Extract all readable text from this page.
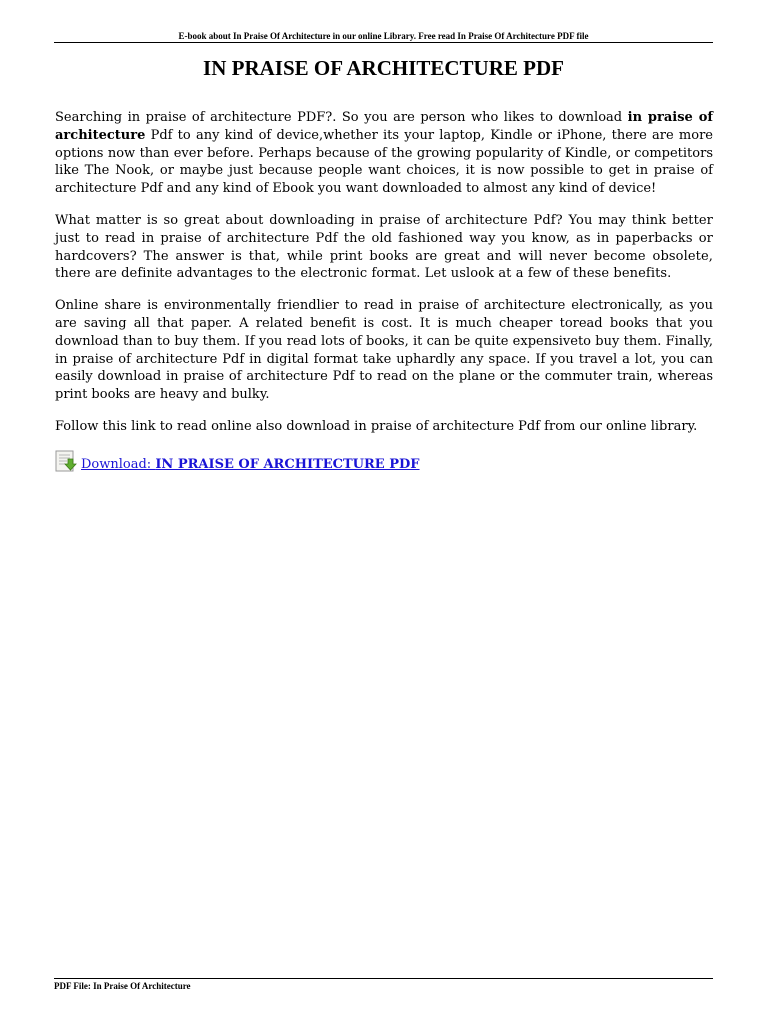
E-book about In Praise Of Architecture in our online Library. Free read In Praise Of Architecture PDF file
IN PRAISE OF ARCHITECTURE PDF

Searching in praise of architecture PDF?. So you are person who likes to download in praise of architecture Pdf to any kind of device,whether its your laptop, Kindle or iPhone, there are more options now than ever before. Perhaps because of the growing popularity of Kindle, or competitors like The Nook, or maybe just because people want choices, it is now possible to get in praise of architecture Pdf and any kind of Ebook you want downloaded to almost any kind of device!

What matter is so great about downloading in praise of architecture Pdf? You may think better just to read in praise of architecture Pdf the old fashioned way you know, as in paperbacks or hardcovers? The answer is that, while print books are great and will never become obsolete, there are definite advantages to the electronic format. Let uslook at a few of these benefits.

Online share is environmentally friendlier to read in praise of architecture electronically, as you are saving all that paper. A related benefit is cost. It is much cheaper toread books that you download than to buy them. If you read lots of books, it can be quite expensiveto buy them. Finally, in praise of architecture Pdf in digital format take uphardly any space. If you travel a lot, you can easily download in praise of architecture Pdf to read on the plane or the commuter train, whereas print books are heavy and bulky.

Follow this link to read online also download in praise of architecture Pdf from our online library.

Download: IN PRAISE OF ARCHITECTURE PDF
PDF File: In Praise Of Architecture
